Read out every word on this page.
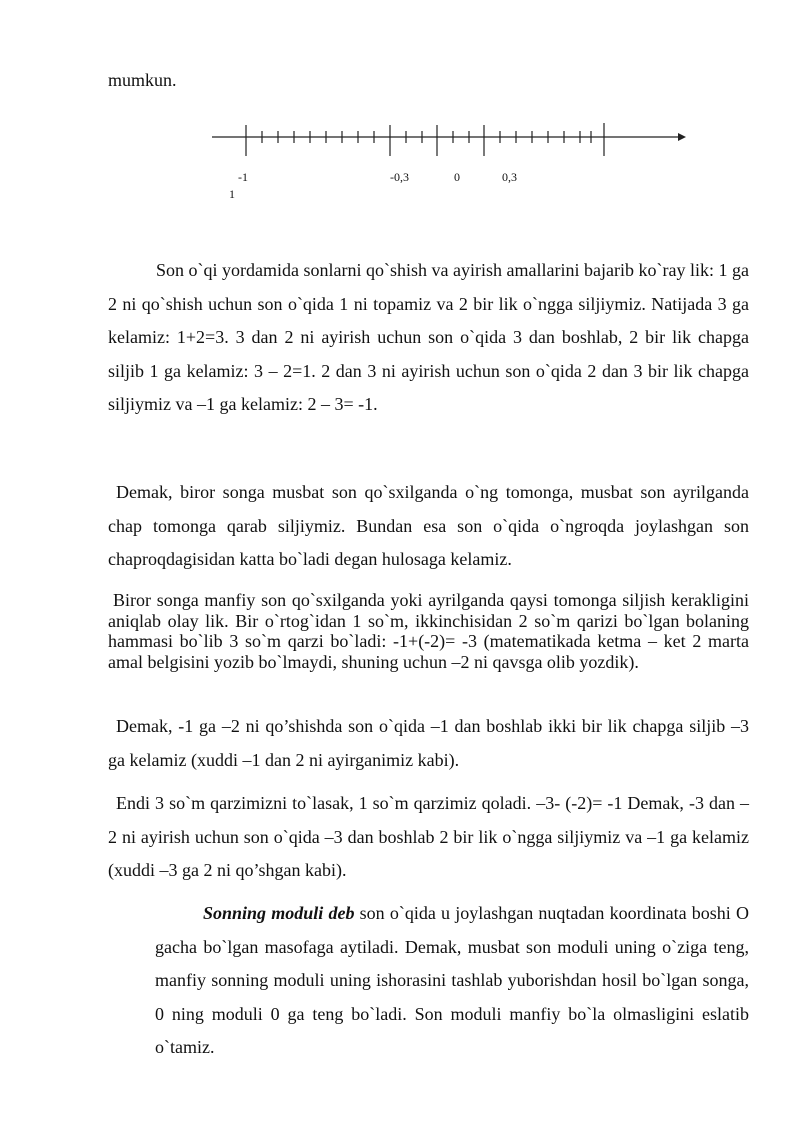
mumkun.

-1
1
-0,3	0	0,3

Son o`qi yordamida sonlarni qo`shish va ayirish amallarini bajarib ko`ray lik: 1 ga 2 ni qo`shish uchun son o`qida 1 ni topamiz va 2 bir lik o`ngga siljiymiz. Natijada 3 ga kelamiz: 1+2=3. 3 dan 2 ni ayirish uchun son o`qida 3 dan boshlab, 2 bir lik chapga siljib 1 ga kelamiz: 3 – 2=1. 2 dan 3 ni ayirish uchun son o`qida 2 dan 3 bir lik chapga siljiymiz va –1 ga kelamiz: 2 – 3= -1.

Demak, biror songa musbat son qo`sxilganda o`ng tomonga, musbat son ayrilganda chap tomonga qarab siljiymiz. Bundan esa son o`qida o`ngroqda joylashgan son chaproqdagisidan katta bo`ladi degan hulosaga kelamiz.

Biror songa manfiy son qo`sxilganda yoki ayrilganda qaysi tomonga siljish kerakligini aniqlab olay lik. Bir o`rtog`idan 1 so`m, ikkinchisidan 2 so`m qarizi bo`lgan bolaning hammasi bo`lib 3 so`m qarzi bo`ladi: -1+(-2)= -3 (matematikada ketma – ket 2 marta amal belgisini yozib bo`lmaydi, shuning uchun –2 ni qavsga olib yozdik).

Demak, -1 ga –2 ni qo’shishda son o`qida –1 dan boshlab ikki bir lik chapga siljib –3 ga kelamiz (xuddi –1 dan 2 ni ayirganimiz kabi).

Endi 3 so`m qarzimizni to`lasak, 1 so`m qarzimiz qoladi. –3- (-2)= -1 Demak, -3 dan –2 ni ayirish uchun son o`qida –3 dan boshlab 2 bir lik o`ngga siljiymiz va –1 ga kelamiz (xuddi –3 ga 2 ni qo’shgan kabi).

Sonning moduli deb son o`qida u joylashgan nuqtadan koordinata boshi O gacha bo`lgan masofaga aytiladi. Demak, musbat son moduli uning o`ziga teng, manfiy sonning moduli uning ishorasini tashlab yuborishdan hosil bo`lgan songa, 0 ning moduli 0 ga teng bo`ladi. Son moduli manfiy bo`la olmasligini eslatib o`tamiz.
